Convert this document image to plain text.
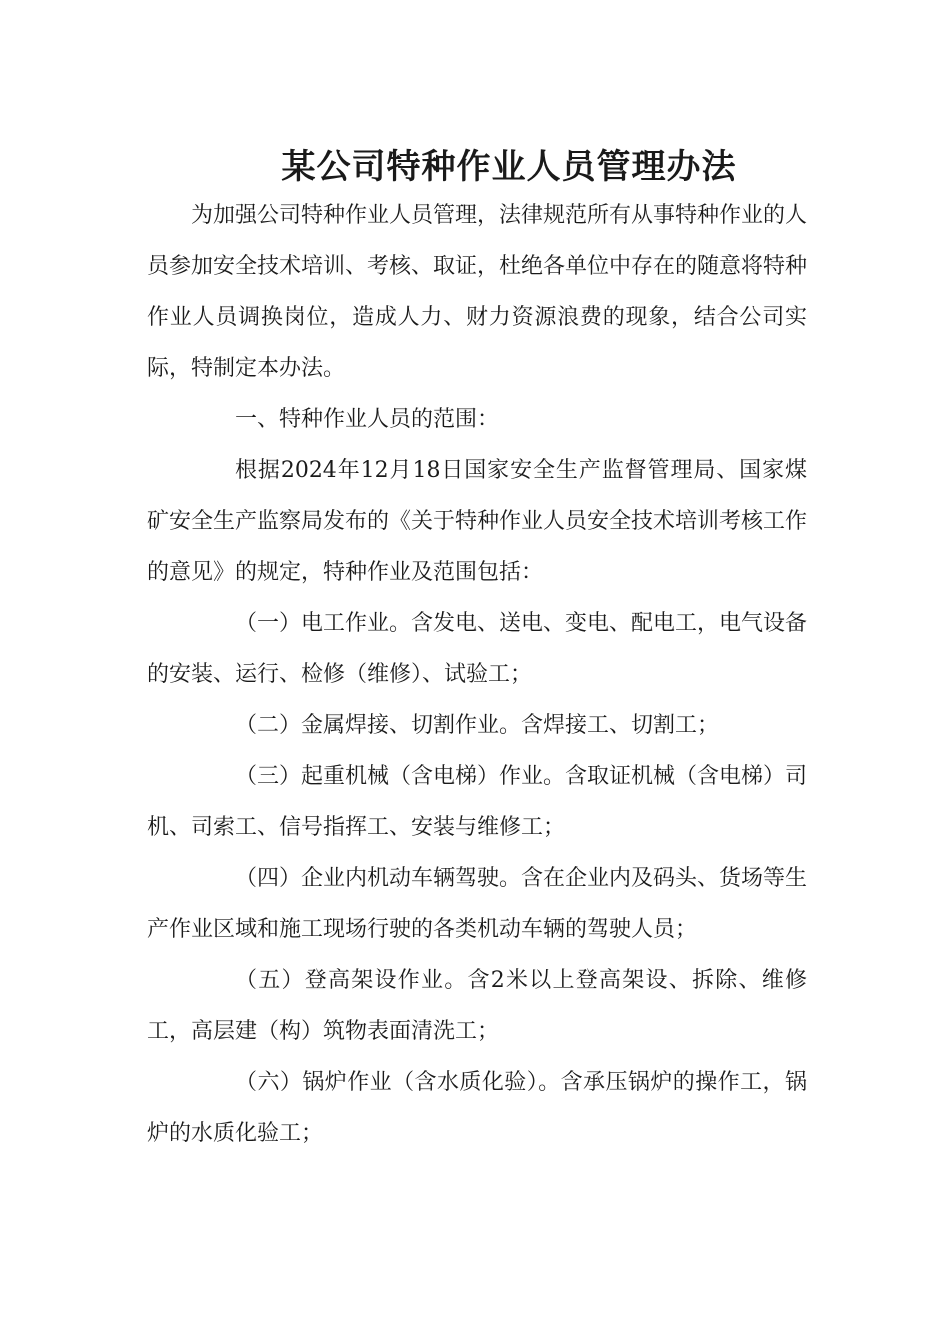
某公司特种作业人员管理办法

为加强公司特种作业人员管理，法律规范所有从事特种作业的人员参加安全技术培训、考核、取证，杜绝各单位中存在的随意将特种作业人员调换岗位，造成人力、财力资源浪费的现象，结合公司实际，特制定本办法。

一、特种作业人员的范围：

根据2024年12月18日国家安全生产监督管理局、国家煤矿安全生产监察局发布的《关于特种作业人员安全技术培训考核工作的意见》的规定，特种作业及范围包括：

（一）电工作业。含发电、送电、变电、配电工，电气设备的安装、运行、检修（维修）、试验工；

（二）金属焊接、切割作业。含焊接工、切割工；

（三）起重机械（含电梯）作业。含取证机械（含电梯）司机、司索工、信号指挥工、安装与维修工；

（四）企业内机动车辆驾驶。含在企业内及码头、货场等生产作业区域和施工现场行驶的各类机动车辆的驾驶人员；

（五）登高架设作业。含2米以上登高架设、拆除、维修工，高层建（构）筑物表面清洗工；

（六）锅炉作业（含水质化验）。含承压锅炉的操作工，锅炉的水质化验工；
